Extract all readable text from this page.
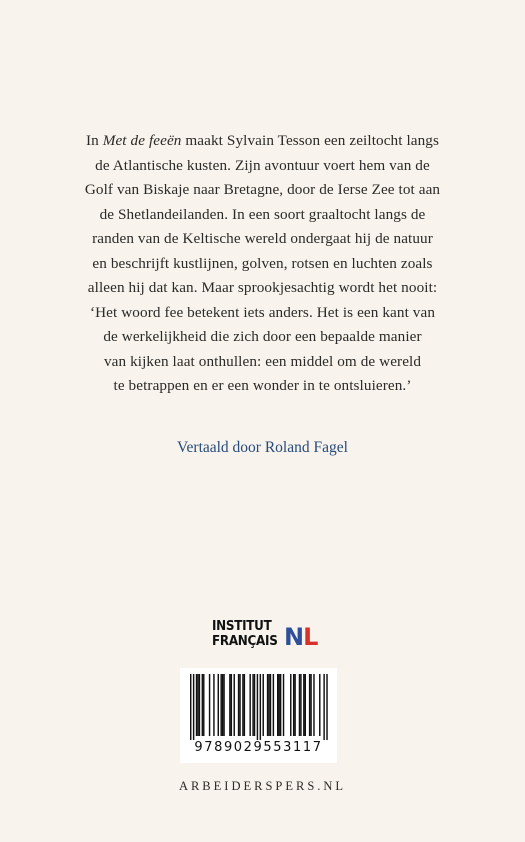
In Met de feeën maakt Sylvain Tesson een zeiltocht langs
de Atlantische kusten. Zijn avontuur voert hem van de
Golf van Biskaje naar Bretagne, door de Ierse Zee tot aan
de Shetlandeilanden. In een soort graaltocht langs de
randen van de Keltische wereld ondergaat hij de natuur
en beschrijft kustlijnen, golven, rotsen en luchten zoals
alleen hij dat kan. Maar sprookjesachtig wordt het nooit:
‘Het woord fee betekent iets anders. Het is een kant van
de werkelijkheid die zich door een bepaalde manier
van kijken laat onthullen: een middel om de wereld
te betrappen en er een wonder in te ontsluieren.’
Vertaald door Roland Fagel
INSTITUT
FRANÇAIS NL
9789029553117
ARBEIDERSPERS.NL
